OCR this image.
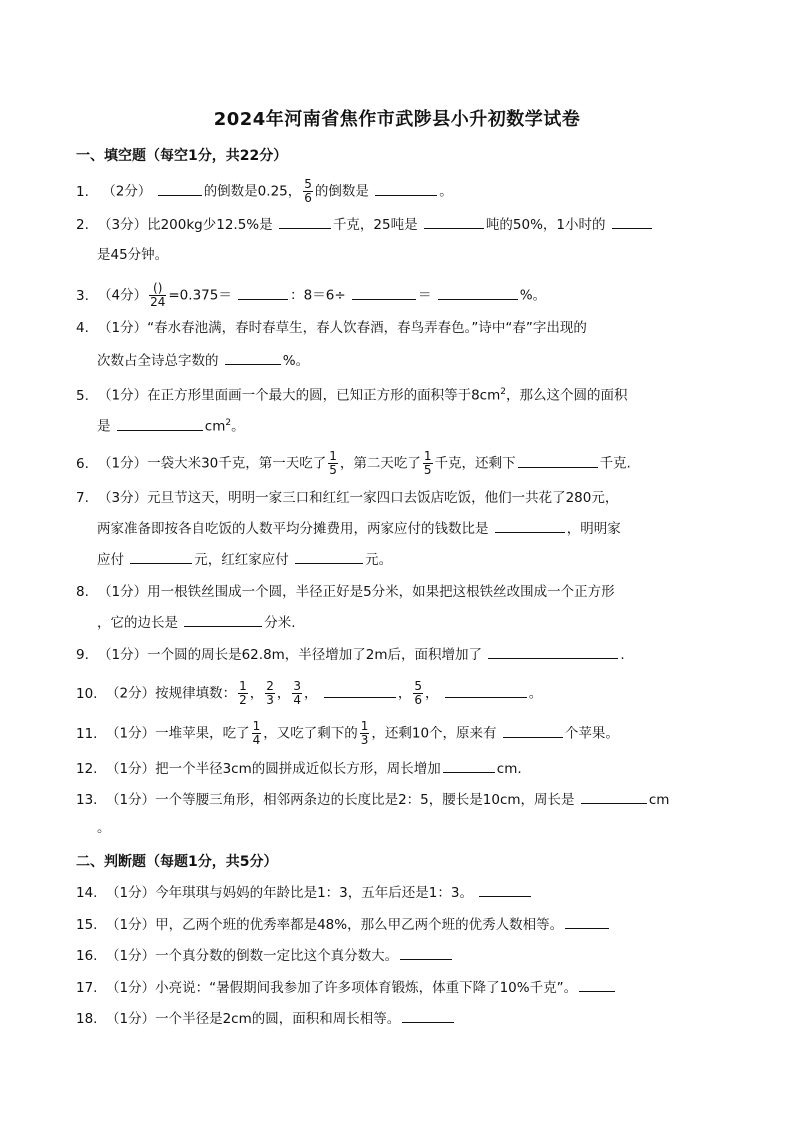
2024年河南省焦作市武陟县小升初数学试卷
一、填空题（每空1分，共22分）
1. （2分）	的倒数是0.25， $\frac{5}{6}$ 的倒数是	。
2. （3分）比200kg少12.5%是	千克，25吨是	吨的50%，1小时的
是45分钟。
3. （4分） $\frac{()}{24} =0.375=$	：8＝6÷	＝	%。
4. （1分）“春水春池满，春时春草生，春人饮春酒，春鸟弄春色。”诗中“春”字出现的
次数占全诗总字数的	%。
5. （1分）在正方形里面画一个最大的圆，已知正方形的面积等于$8cm^2$，那么这个圆的面积
是	$cm^2$。
6. （1分）一袋大米30千克，第一天吃了 $\frac{1}{5}$ ，第二天吃了 $\frac{1}{5}$ 千克，还剩下	千克.
7. （3分）元旦节这天，明明一家三口和红红一家四口去饭店吃饭，他们一共花了280元，
两家准备即按各自吃饭的人数平均分摊费用，两家应付的钱数比是	，明明家
应付	元，红红家应付	元。
8. （1分）用一根铁丝围成一个圆，半径正好是5分米，如果把这根铁丝改围成一个正方形
，它的边长是	分米.
9. （1分）一个圆的周长是62.8m，半径增加了2m后，面积增加了	.
10. （2分）按规律填数： $\frac{1}{2}$ ， $\frac{2}{3}$ ， $\frac{3}{4}$ ，	， $\frac{5}{6}$ ，	。
11. （1分）一堆苹果，吃了 $\frac{1}{4}$ ，又吃了剩下的 $\frac{1}{3}$ ，还剩10个，原来有	个苹果。
12. （1分）把一个半径3cm的圆拼成近似长方形，周长增加	cm.
13. （1分）一个等腰三角形，相邻两条边的长度比是2：5，腰长是10cm，周长是	cm
。
二、判断题（每题1分，共5分）
14. （1分）今年琪琪与妈妈的年龄比是1：3，五年后还是1：3。
15. （1分）甲，乙两个班的优秀率都是48%，那么甲乙两个班的优秀人数相等。
16. （1分）一个真分数的倒数一定比这个真分数大。
17. （1分）小亮说：“暑假期间我参加了许多项体育锻炼，体重下降了10%千克”。
18. （1分）一个半径是2cm的圆，面积和周长相等。
